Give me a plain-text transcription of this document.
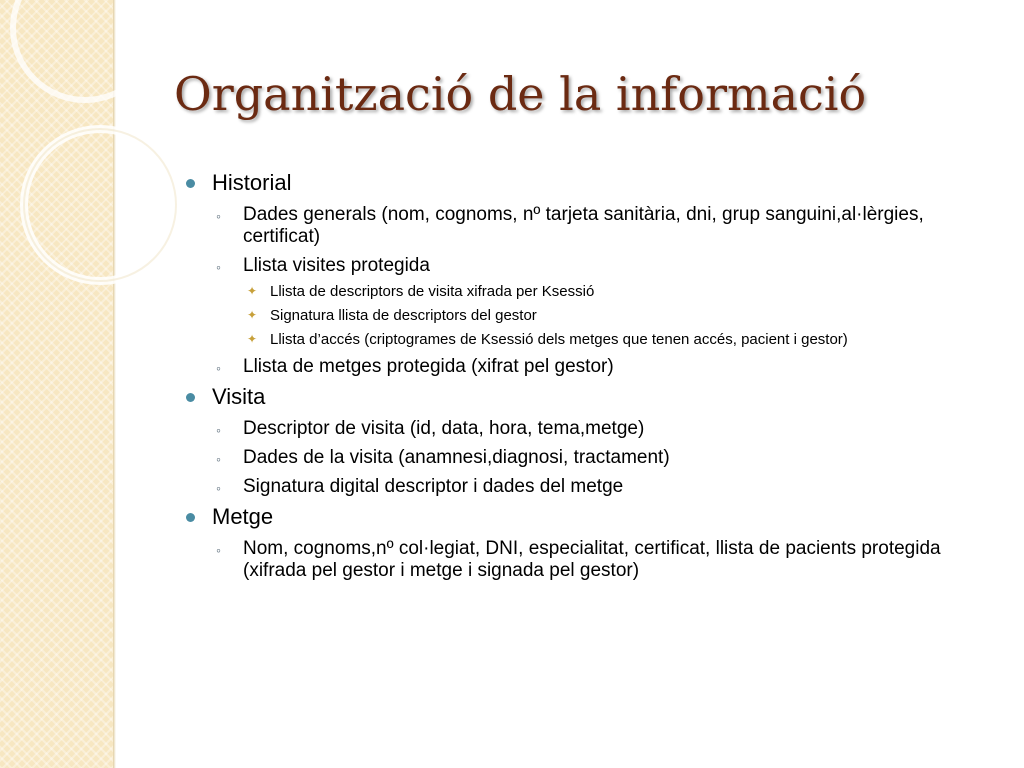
Organització de la informació
Historial
◦ Dades generals (nom, cognoms, nº tarjeta sanitària, dni, grup sanguini,al·lèrgies, certificat)
◦ Llista visites protegida
✦ Llista de descriptors de visita xifrada per Ksessió
✦ Signatura llista de descriptors del gestor
✦ Llista d’accés (criptogrames de Ksessió dels metges que tenen accés, pacient i gestor)
◦ Llista de metges protegida (xifrat pel gestor)
Visita
◦ Descriptor de visita (id, data, hora, tema,metge)
◦ Dades de la visita (anamnesi,diagnosi, tractament)
◦ Signatura digital descriptor i dades del metge
Metge
◦ Nom, cognoms,nº col·legiat, DNI, especialitat, certificat, llista de pacients protegida (xifrada pel gestor i metge i signada pel gestor)
